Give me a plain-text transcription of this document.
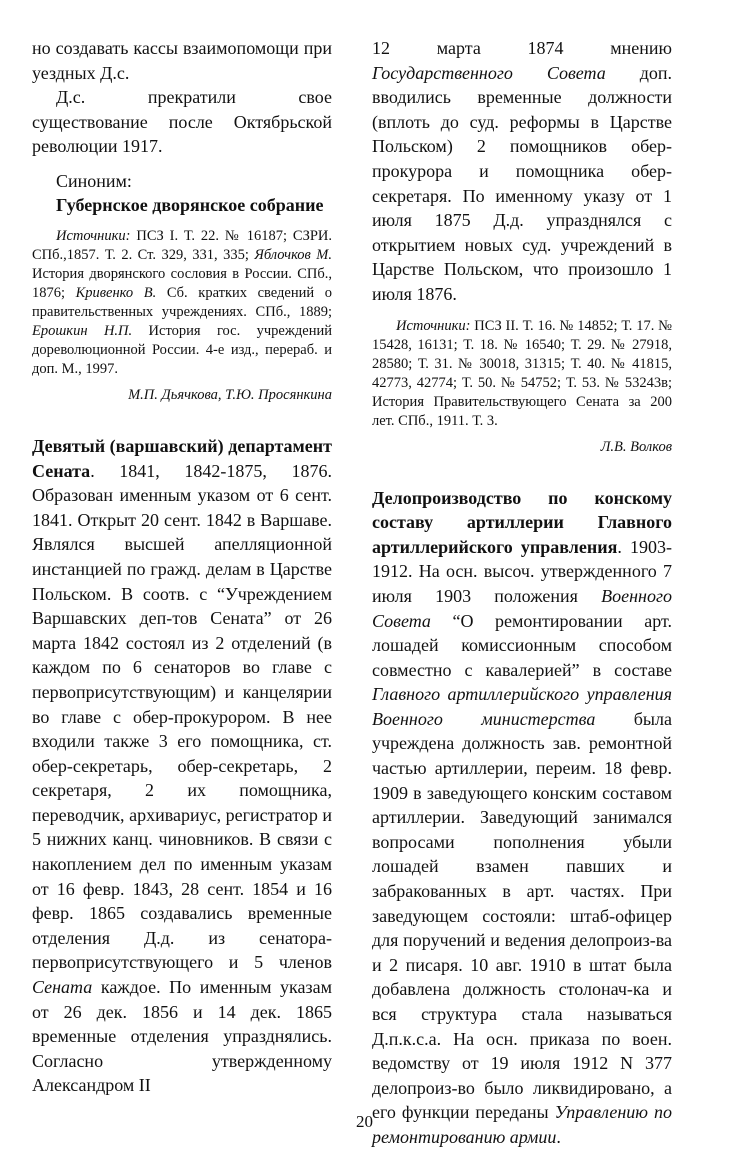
но создавать кассы взаимопомощи при уездных Д.с.

Д.с. прекратили свое существование после Октябрьской революции 1917.

Синоним:

Губернское дворянское собрание

Источники: ПСЗ I. Т. 22. № 16187; СЗРИ. СПб.,1857. Т. 2. Ст. 329, 331, 335; Яблочков М. История дворянского сословия в России. СПб., 1876; Кривенко В. Сб. кратких сведений о правительственных учреждениях. СПб., 1889; Ерошкин Н.П. История гос. учреждений дореволюционной России. 4-е изд., перераб. и доп. М., 1997.

М.П. Дьячкова, Т.Ю. Просянкина

Девятый (варшавский) департамент Сената. 1841, 1842-1875, 1876. Образован именным указом от 6 сент. 1841. Открыт 20 сент. 1842 в Варшаве. Являлся высшей апелляционной инстанцией по гражд. делам в Царстве Польском. В соотв. с “Учреждением Варшавских деп-тов Сената” от 26 марта 1842 состоял из 2 отделений (в каждом по 6 сенаторов во главе с первоприсутствующим) и канцелярии во главе с обер-прокурором. В нее входили также 3 его помощника, ст. обер-секретарь, обер-секретарь, 2 секретаря, 2 их помощника, переводчик, архивариус, регистратор и 5 нижних канц. чиновников. В связи с накоплением дел по именным указам от 16 февр. 1843, 28 сент. 1854 и 16 февр. 1865 создавались временные отделения Д.д. из сенатора-первоприсутствующего и 5 членов Сената каждое. По именным указам от 26 дек. 1856 и 14 дек. 1865 временные отделения упразднялись. Согласно утвержденному Александром II

12 марта 1874 мнению Государственного Совета доп. вводились временные должности (вплоть до суд. реформы в Царстве Польском) 2 помощников обер-прокурора и помощника обер-секретаря. По именному указу от 1 июля 1875 Д.д. упразднялся с открытием новых суд. учреждений в Царстве Польском, что произошло 1 июля 1876.

Источники: ПСЗ II. Т. 16. № 14852; Т. 17. № 15428, 16131; Т. 18. № 16540; Т. 29. № 27918, 28580; Т. 31. № 30018, 31315; Т. 40. № 41815, 42773, 42774; Т. 50. № 54752; Т. 53. № 53243в; История Правительствующего Сената за 200 лет. СПб., 1911. Т. 3.

Л.В. Волков

Делопроизводство по конскому составу артиллерии Главного артиллерийского управления. 1903-1912. На осн. высоч. утвержденного 7 июля 1903 положения Военного Совета “О ремонтировании арт. лошадей комиссионным способом совместно с кавалерией” в составе Главного артиллерийского управления Военного министерства была учреждена должность зав. ремонтной частью артиллерии, переим. 18 февр. 1909 в заведующего конским составом артиллерии. Заведующий занимался вопросами пополнения убыли лошадей взамен павших и забракованных в арт. частях. При заведующем состояли: штаб-офицер для поручений и ведения делопроиз-ва и 2 писаря. 10 авг. 1910 в штат была добавлена должность столонач-ка и вся структура стала называться Д.п.к.с.а. На осн. приказа по воен. ведомству от 19 июля 1912 N 377 делопроиз-во было ликвидировано, а его функции переданы Управлению по ремонтированию армии.

20
